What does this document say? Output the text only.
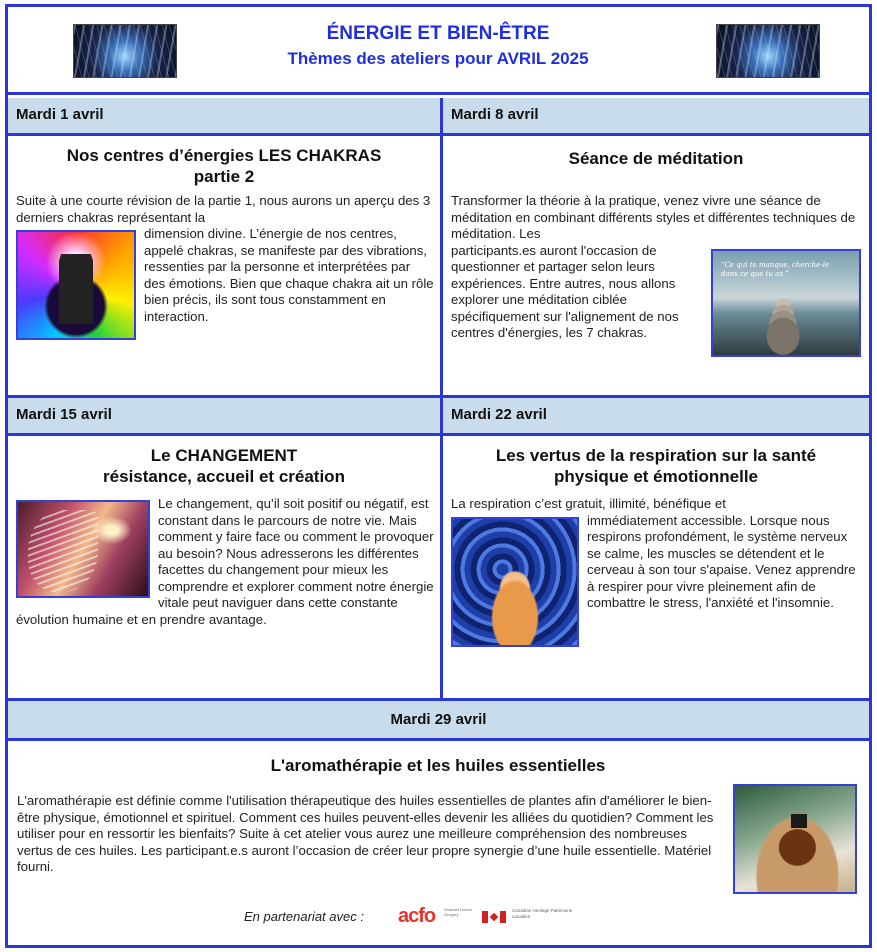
ÉNERGIE ET BIEN-ÊTRE
Thèmes des ateliers pour AVRIL 2025
Mardi 1 avril
Nos centres d’énergies LES CHAKRAS
partie 2
Suite à une courte révision de la partie 1, nous aurons un aperçu des 3 derniers chakras représentant la
dimension divine. L’énergie de nos centres, appelé chakras, se manifeste par des vibrations, ressenties par la personne et interprétées par des émotions. Bien que chaque chakra ait un rôle bien précis, ils sont tous constamment en interaction.
Mardi 8 avril
Séance de méditation
Transformer la théorie à la pratique, venez vivre une séance de méditation en combinant différents styles et différentes techniques de méditation. Les
“Ce qui te manque, cherche-le dans ce que tu as.”
participants.es auront l'occasion de questionner et partager selon leurs expériences. Entre autres, nous allons explorer une méditation ciblée spécifiquement sur l'alignement de nos centres d'énergies, les 7 chakras.
Mardi 15 avril
Le CHANGEMENT
résistance, accueil et création
Le changement, qu’il soit positif ou négatif, est constant dans le parcours de notre vie. Mais comment y faire face ou comment le provoquer au besoin? Nous adresserons les différentes facettes du changement pour mieux les comprendre et explorer comment notre énergie vitale peut naviguer dans cette constante évolution humaine et en prendre avantage.
Mardi 22 avril
Les vertus de la respiration sur la santé
physique et émotionnelle
La respiration c’est gratuit, illimité, bénéfique et
immédiatement accessible. Lorsque nous respirons profondément, le système nerveux se calme, les muscles se détendent et le cerveau à son tour s'apaise. Venez apprendre à respirer pour vivre pleinement afin de combattre le stress, l'anxiété et l'insomnie.
Mardi 29 avril
L'aromathérapie et les huiles essentielles
L'aromathérapie est définie comme l'utilisation thérapeutique des huiles essentielles de plantes afin d'améliorer le bien-être physique, émotionnel et spirituel. Comment ces huiles peuvent-elles devenir les alliées du quotidien? Comment les utiliser pour en ressortir les bienfaits? Suite à cet atelier vous aurez une meilleure compréhension des nombreuses vertus de ces huiles. Les participant.e.s auront l’occasion de créer leur propre synergie d’une huile essentielle. Matériel fourni.
En partenariat avec : acfo Sommet Dorion Gregory
Canadian Heritage Patrimoine canadien
